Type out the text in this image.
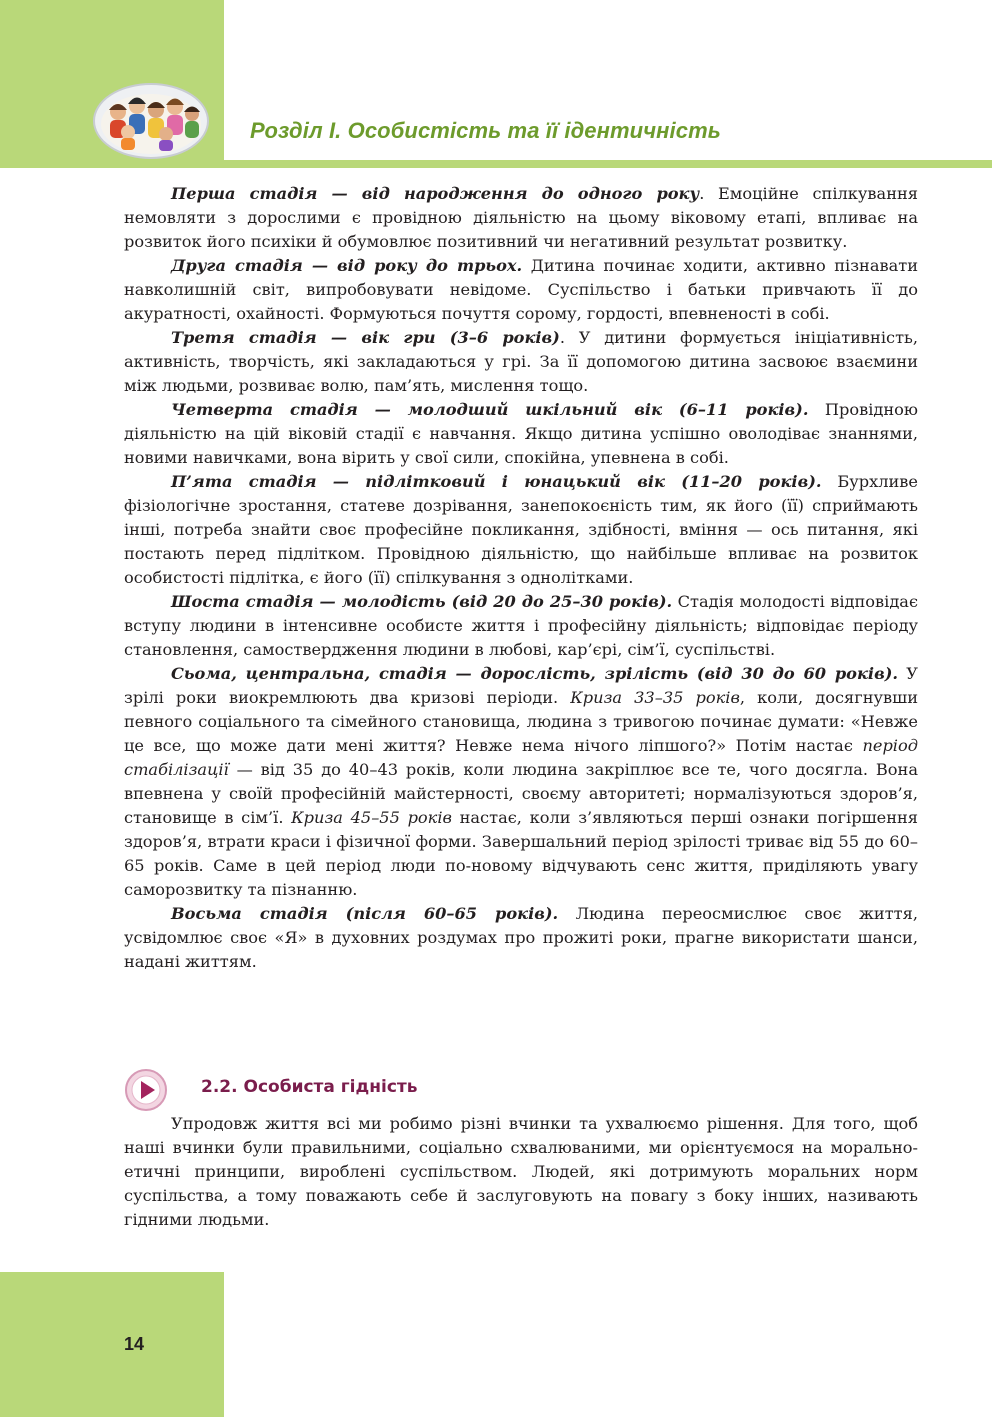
Розділ І. Особистість та її ідентичність

Перша стадія — від народження до одного року. Емоційне спілкування немовляти з дорослими є провідною діяльністю на цьому віковому етапі, впливає на розвиток його психіки й обумовлює позитивний чи негативний результат розвитку.

Друга стадія — від року до трьох. Дитина починає ходити, активно пізнавати навколишній світ, випробовувати невідоме. Суспільство і батьки привчають її до акуратності, охайності. Формуються почуття сорому, гордості, впевненості в собі.

Третя стадія — вік гри (3–6 років). У дитини формується ініціативність, активність, творчість, які закладаються у грі. За її допомогою дитина засвоює взаємини між людьми, розвиває волю, пам’ять, мислення тощо.

Четверта стадія — молодший шкільний вік (6–11 років). Провідною діяльністю на цій віковій стадії є навчання. Якщо дитина успішно оволодіває знаннями, новими навичками, вона вірить у свої сили, спокійна, упевнена в собі.

П’ята стадія — підлітковий і юнацький вік (11–20 років). Бурхливе фізіологічне зростання, статеве дозрівання, занепокоєність тим, як його (її) сприймають інші, потреба знайти своє професійне покликання, здібності, вміння — ось питання, які постають перед підлітком. Провідною діяльністю, що найбільше впливає на розвиток особистості підлітка, є його (її) спілкування з однолітками.

Шоста стадія — молодість (від 20 до 25–30 років). Стадія молодості відповідає вступу людини в інтенсивне особисте життя і професійну діяльність; відповідає періоду становлення, самоствердження людини в любові, кар’єрі, сім’ї, суспільстві.

Сьома, центральна, стадія — дорослість, зрілість (від 30 до 60 років). У зрілі роки виокремлюють два кризові періоди. Криза 33–35 років, коли, досягнувши певного соціального та сімейного становища, людина з тривогою починає думати: «Невже це все, що може дати мені життя? Невже нема нічого ліпшого?» Потім настає період стабілізації — від 35 до 40–43 років, коли людина закріплює все те, чого досягла. Вона впевнена у своїй професійній майстерності, своєму авторитеті; нормалізуються здоров’я, становище в сім’ї. Криза 45–55 років настає, коли з’являються перші ознаки погіршення здоров’я, втрати краси і фізичної форми. Завершальний період зрілості триває від 55 до 60–65 років. Саме в цей період люди по-новому відчувають сенс життя, приділяють увагу саморозвитку та пізнанню.

Восьма стадія (після 60–65 років). Людина переосмислює своє життя, усвідомлює своє «Я» в духовних роздумах про прожиті роки, прагне використати шанси, надані життям.

2.2. Особиста гідність

Упродовж життя всі ми робимо різні вчинки та ухвалюємо рішення. Для того, щоб наші вчинки були правильними, соціально схвалюваними, ми орієнтуємося на морально-етичні принципи, вироблені суспільством. Людей, які дотримують моральних норм суспільства, а тому поважають себе й заслуговують на повагу з боку інших, називають гідними людьми.

14
